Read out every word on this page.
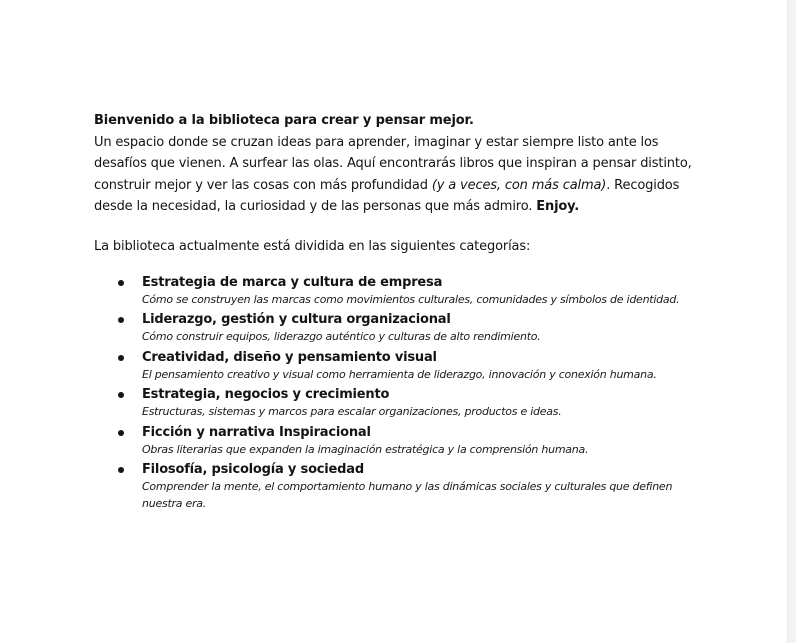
Bienvenido a la biblioteca para crear y pensar mejor.
Un espacio donde se cruzan ideas para aprender, imaginar y estar siempre listo ante los desafíos que vienen. A surfear las olas. Aquí encontrarás libros que inspiran a pensar distinto, construir mejor y ver las cosas con más profundidad (y a veces, con más calma). Recogidos desde la necesidad, la curiosidad y de las personas que más admiro. Enjoy.

La biblioteca actualmente está dividida en las siguientes categorías:

Estrategia de marca y cultura de empresa
Cómo se construyen las marcas como movimientos culturales, comunidades y símbolos de identidad.
Liderazgo, gestión y cultura organizacional
Cómo construir equipos, liderazgo auténtico y culturas de alto rendimiento.
Creatividad, diseño y pensamiento visual
El pensamiento creativo y visual como herramienta de liderazgo, innovación y conexión humana.
Estrategia, negocios y crecimiento
Estructuras, sistemas y marcos para escalar organizaciones, productos e ideas.
Ficción y narrativa Inspiracional
Obras literarias que expanden la imaginación estratégica y la comprensión humana.
Filosofía, psicología y sociedad
Comprender la mente, el comportamiento humano y las dinámicas sociales y culturales que definen nuestra era.
